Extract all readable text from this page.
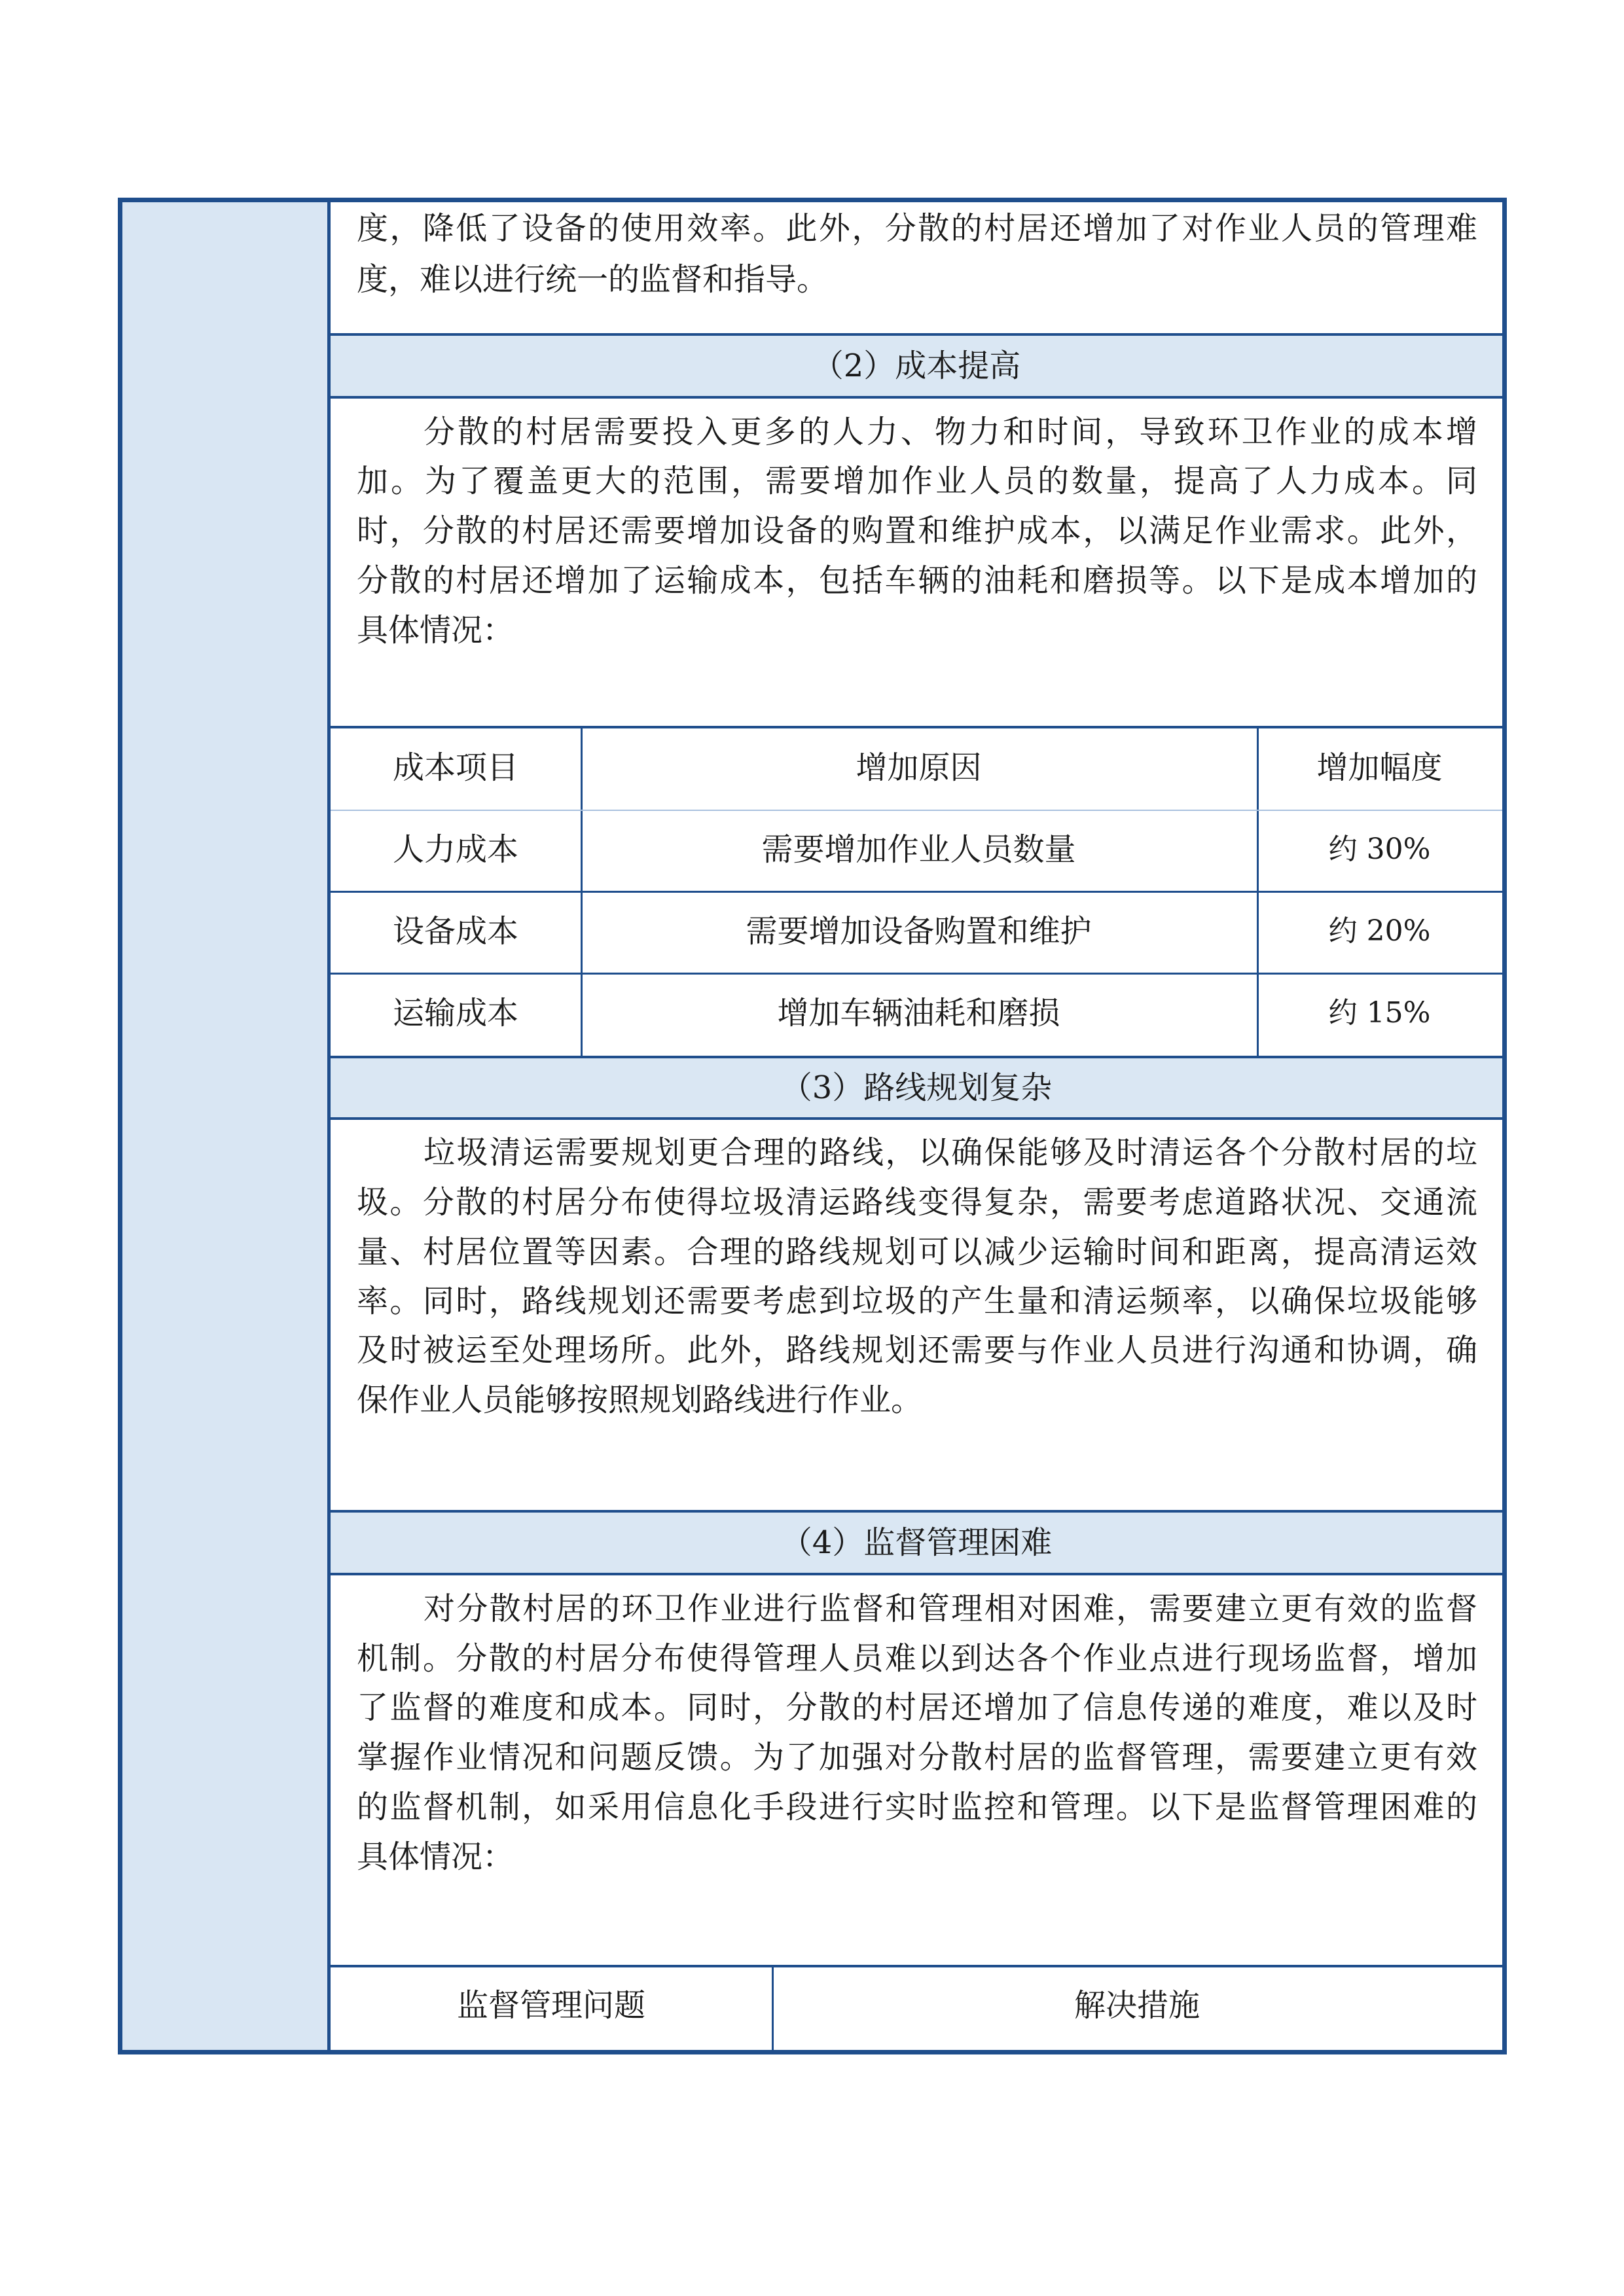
度，降低了设备的使用效率。此外，分散的村居还增加了对作业人员的管理难
度，难以进行统一的监督和指导。
（2）成本提高
分散的村居需要投入更多的人力、物力和时间，导致环卫作业的成本增
加。为了覆盖更大的范围，需要增加作业人员的数量，提高了人力成本。同
时，分散的村居还需要增加设备的购置和维护成本，以满足作业需求。此外，
分散的村居还增加了运输成本，包括车辆的油耗和磨损等。以下是成本增加的
具体情况：
成本项目	增加原因	增加幅度
人力成本	需要增加作业人员数量	约 30%
设备成本	需要增加设备购置和维护	约 20%
运输成本	增加车辆油耗和磨损	约 15%
（3）路线规划复杂
垃圾清运需要规划更合理的路线，以确保能够及时清运各个分散村居的垃
圾。分散的村居分布使得垃圾清运路线变得复杂，需要考虑道路状况、交通流
量、村居位置等因素。合理的路线规划可以减少运输时间和距离，提高清运效
率。同时，路线规划还需要考虑到垃圾的产生量和清运频率，以确保垃圾能够
及时被运至处理场所。此外，路线规划还需要与作业人员进行沟通和协调，确
保作业人员能够按照规划路线进行作业。
（4）监督管理困难
对分散村居的环卫作业进行监督和管理相对困难，需要建立更有效的监督
机制。分散的村居分布使得管理人员难以到达各个作业点进行现场监督，增加
了监督的难度和成本。同时，分散的村居还增加了信息传递的难度，难以及时
掌握作业情况和问题反馈。为了加强对分散村居的监督管理，需要建立更有效
的监督机制，如采用信息化手段进行实时监控和管理。以下是监督管理困难的
具体情况：
监督管理问题	解决措施
